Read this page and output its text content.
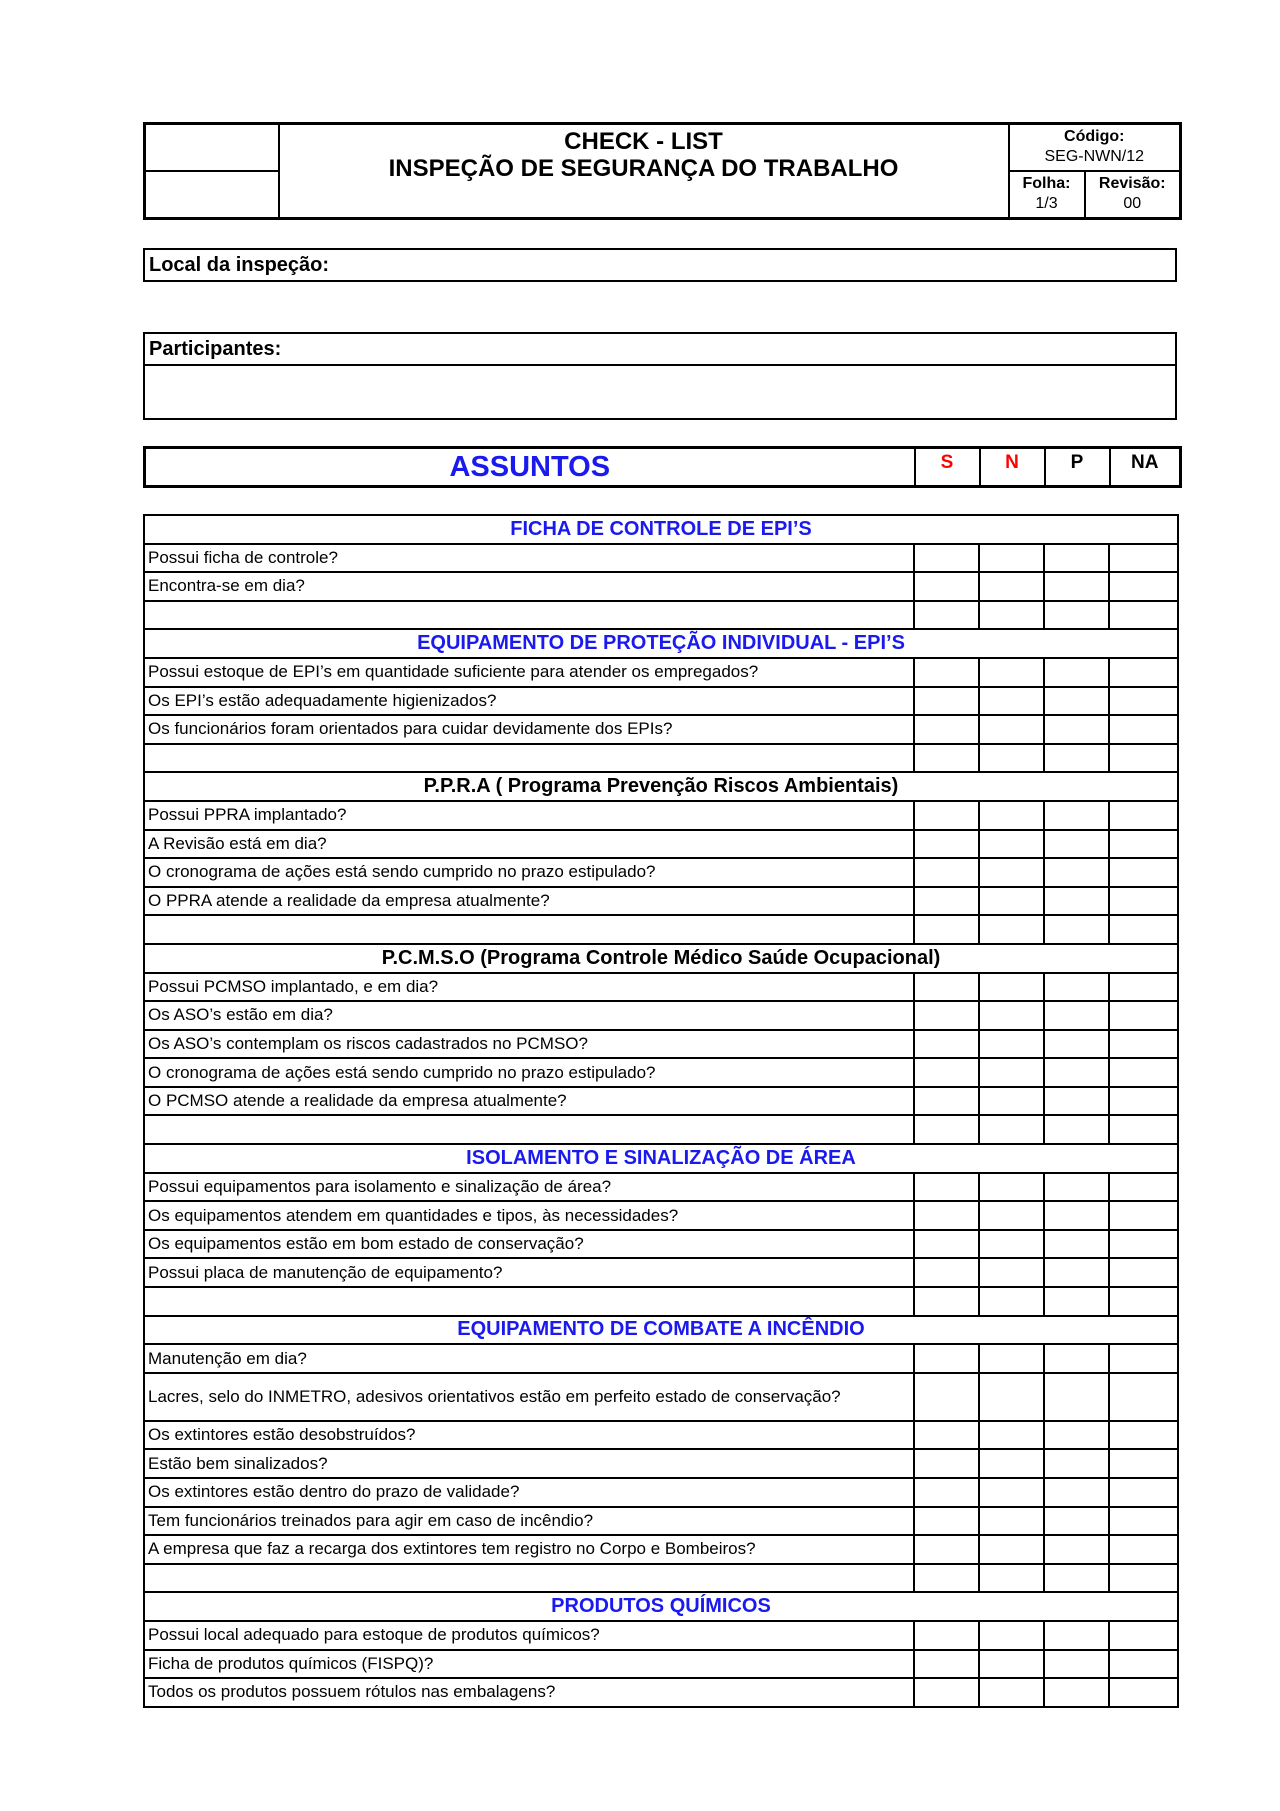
	CHECK - LIST
INSPEÇÃO DE SEGURANÇA DO TRABALHO	Código:
SEG-NWN/12	
		Folha:
1/3	Revisão:
00
Local da inspeção:
Participantes:
ASSUNTOS	S	N	P	NA
FICHA DE CONTROLE DE EPI’S				
Possui ficha de controle?				
Encontra-se em dia?				

EQUIPAMENTO DE PROTEÇÃO INDIVIDUAL - EPI’S				
Possui estoque de EPI’s em quantidade suficiente para atender os empregados?				
Os EPI’s estão adequadamente higienizados?				
Os funcionários foram orientados para cuidar devidamente dos EPIs?				

P.P.R.A ( Programa Prevenção Riscos Ambientais)				
Possui PPRA implantado?				
A Revisão está em dia?				
O cronograma de ações está sendo cumprido no prazo estipulado?				
O PPRA atende a realidade da empresa atualmente?				

P.C.M.S.O (Programa Controle Médico Saúde Ocupacional)				
Possui PCMSO implantado, e em dia?				
Os ASO’s estão em dia?				
Os ASO’s contemplam os riscos cadastrados no PCMSO?				
O cronograma de ações está sendo cumprido no prazo estipulado?				
O PCMSO atende a realidade da empresa atualmente?				

ISOLAMENTO E SINALIZAÇÃO DE ÁREA				
Possui equipamentos para isolamento e sinalização de área?				
Os equipamentos atendem em quantidades e tipos, às necessidades?				
Os equipamentos estão em bom estado de conservação?				
Possui placa de manutenção de equipamento?				

EQUIPAMENTO DE COMBATE A INCÊNDIO				
Manutenção em dia?				
Lacres, selo do INMETRO, adesivos orientativos estão em perfeito estado de conservação?				
Os extintores estão desobstruídos?				
Estão bem sinalizados?				
Os extintores estão dentro do prazo de validade?				
Tem funcionários treinados para agir em caso de incêndio?				
A empresa que faz a recarga dos extintores tem registro no Corpo e Bombeiros?				

PRODUTOS QUÍMICOS				
Possui local adequado para estoque de produtos químicos?				
Ficha de produtos químicos (FISPQ)?				
Todos os produtos possuem rótulos nas embalagens?				
